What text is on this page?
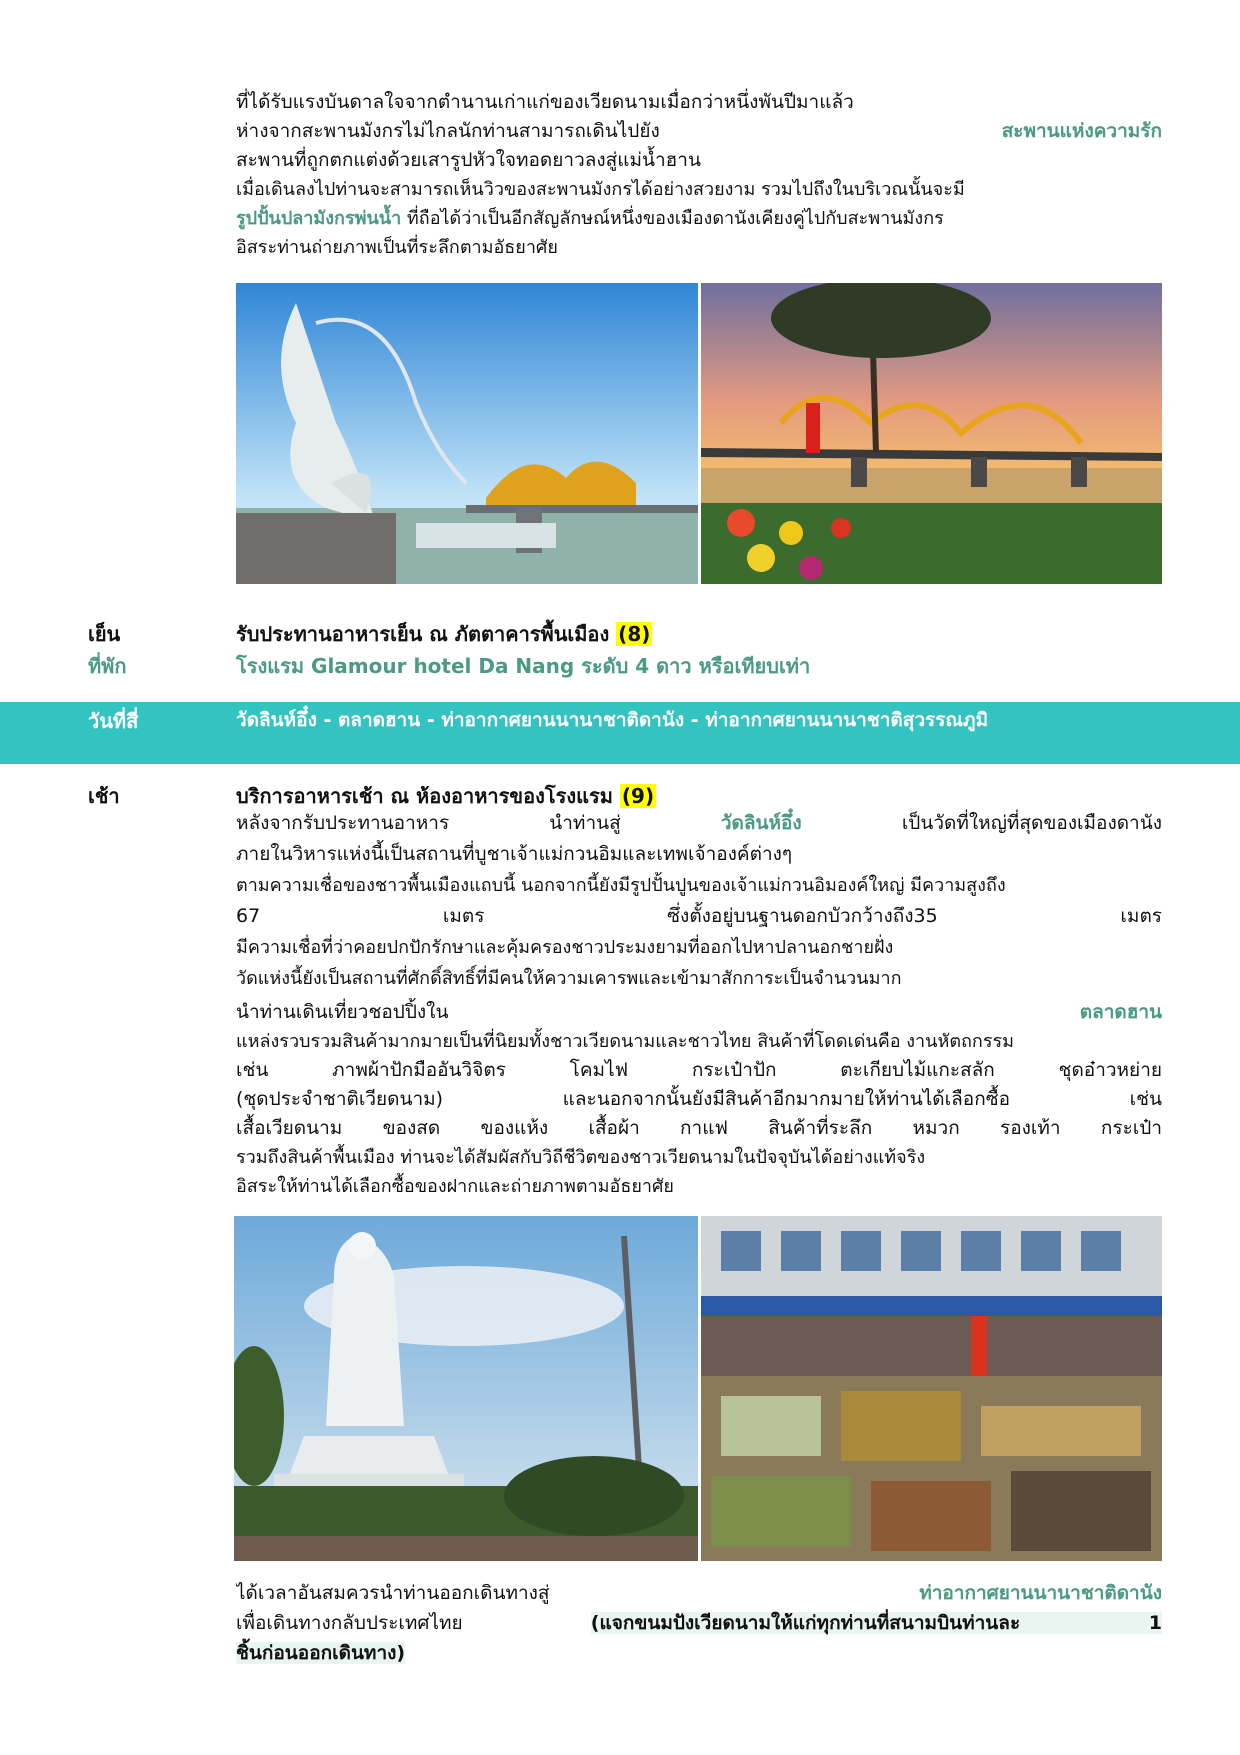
ที่ได้รับแรงบันดาลใจจากตำนานเก่าแก่ของเวียดนามเมื่อกว่าหนึ่งพันปีมาแล้ว
ห่างจากสะพานมังกรไม่ไกลนักท่านสามารถเดินไปยัง	สะพานแห่งความรัก
สะพานที่ถูกตกแต่งด้วยเสารูปหัวใจทอดยาวลงสู่แม่น้ำฮาน
เมื่อเดินลงไปท่านจะสามารถเห็นวิวของสะพานมังกรได้อย่างสวยงาม รวมไปถึงในบริเวณนั้นจะมี
รูปปั้นปลามังกรพ่นน้ำ ที่ถือได้ว่าเป็นอีกสัญลักษณ์หนึ่งของเมืองดานังเคียงคู่ไปกับสะพานมังกร
อิสระท่านถ่ายภาพเป็นที่ระลึกตามอัธยาศัย
เย็น	รับประทานอาหารเย็น ณ ภัตตาคารพื้นเมือง (8)
ที่พัก	โรงแรม Glamour hotel Da Nang ระดับ 4 ดาว หรือเทียบเท่า
วันที่สี่	วัดลินห์อึ๋ง - ตลาดฮาน - ท่าอากาศยานนานาชาติดานัง - ท่าอากาศยานนานาชาติสุวรรณภูมิ
เช้า	บริการอาหารเช้า ณ ห้องอาหารของโรงแรม (9)
หลังจากรับประทานอาหาร นำท่านสู่	วัดลินห์อึ๋ง	เป็นวัดที่ใหญ่ที่สุดของเมืองดานัง
ภายในวิหารแห่งนี้เป็นสถานที่บูชาเจ้าแม่กวนอิมและเทพเจ้าองค์ต่างๆ
ตามความเชื่อของชาวพื้นเมืองแถบนี้ นอกจากนี้ยังมีรูปปั้นปูนของเจ้าแม่กวนอิมองค์ใหญ่ มีความสูงถึง
67 เมตร ซึ่งตั้งอยู่บนฐานดอกบัวกว้างถึง35 เมตร
มีความเชื่อที่ว่าคอยปกปักรักษาและคุ้มครองชาวประมงยามที่ออกไปหาปลานอกชายฝั่ง
วัดแห่งนี้ยังเป็นสถานที่ศักดิ์สิทธิ์ที่มีคนให้ความเคารพและเข้ามาสักการะเป็นจำนวนมาก
นำท่านเดินเที่ยวชอปปิ้งใน	ตลาดฮาน
แหล่งรวบรวมสินค้ามากมายเป็นที่นิยมทั้งชาวเวียดนามและชาวไทย สินค้าที่โดดเด่นคือ งานหัตถกรรม
เช่น ภาพผ้าปักมืออันวิจิตร โคมไฟ กระเป๋าปัก ตะเกียบไม้แกะสลัก ชุดอ๋าวหย่าย
(ชุดประจำชาติเวียดนาม) และนอกจากนั้นยังมีสินค้าอีกมากมายให้ท่านได้เลือกซื้อ เช่น
เสื้อเวียดนาม ของสด ของแห้ง เสื้อผ้า กาแฟ สินค้าที่ระลึก หมวก รองเท้า กระเป๋า
รวมถึงสินค้าพื้นเมือง ท่านจะได้สัมผัสกับวิถีชีวิตของชาวเวียดนามในปัจจุบันได้อย่างแท้จริง
อิสระให้ท่านได้เลือกซื้อของฝากและถ่ายภาพตามอัธยาศัย
ได้เวลาอันสมควรนำท่านออกเดินทางสู่	ท่าอากาศยานนานาชาติดานัง
เพื่อเดินทางกลับประเทศไทย	(แจกขนมปังเวียดนามให้แก่ทุกท่านที่สนามบินท่านละ 1
ชิ้นก่อนออกเดินทาง)
